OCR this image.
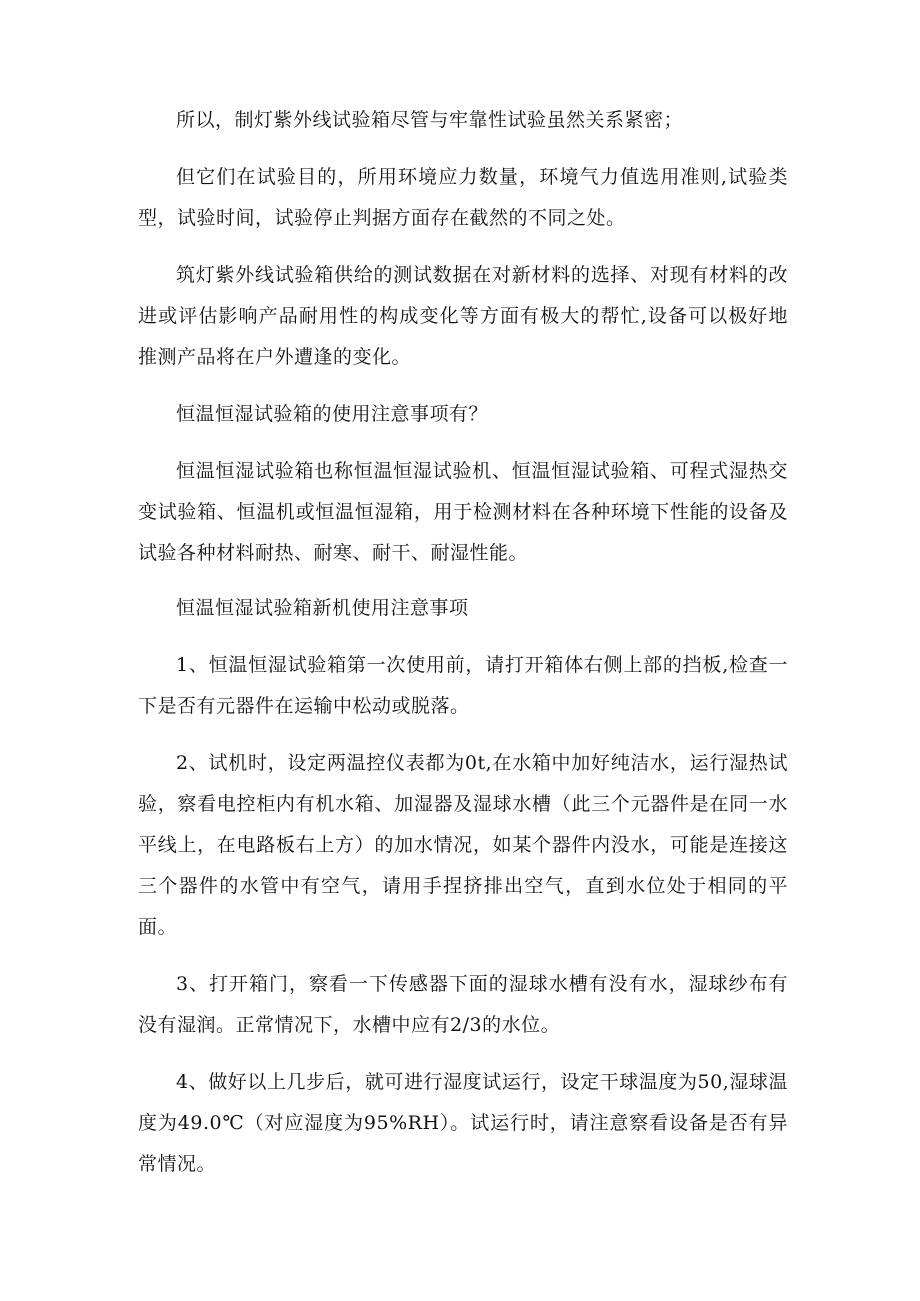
所以，制灯紫外线试验箱尽管与牢靠性试验虽然关系紧密；

但它们在试验目的，所用环境应力数量，环境气力值选用准则,试验类型，试验时间，试验停止判据方面存在截然的不同之处。

筑灯紫外线试验箱供给的测试数据在对新材料的选择、对现有材料的改进或评估影响产品耐用性的构成变化等方面有极大的帮忙,设备可以极好地推测产品将在户外遭逢的变化。

恒温恒湿试验箱的使用注意事项有？

恒温恒湿试验箱也称恒温恒湿试验机、恒温恒湿试验箱、可程式湿热交变试验箱、恒温机或恒温恒湿箱，用于检测材料在各种环境下性能的设备及试验各种材料耐热、耐寒、耐干、耐湿性能。

恒温恒湿试验箱新机使用注意事项

1、恒温恒湿试验箱第一次使用前，请打开箱体右侧上部的挡板,检查一下是否有元器件在运输中松动或脱落。

2、试机时，设定两温控仪表都为0t,在水箱中加好纯洁水，运行湿热试验，察看电控柜内有机水箱、加湿器及湿球水槽（此三个元器件是在同一水平线上，在电路板右上方）的加水情况，如某个器件内没水，可能是连接这三个器件的水管中有空气，请用手捏挤排出空气，直到水位处于相同的平面。

3、打开箱门，察看一下传感器下面的湿球水槽有没有水，湿球纱布有没有湿润。正常情况下，水槽中应有2/3的水位。

4、做好以上几步后，就可进行湿度试运行，设定干球温度为50,湿球温度为49.0℃（对应湿度为95%RH）。试运行时，请注意察看设备是否有异常情况。
